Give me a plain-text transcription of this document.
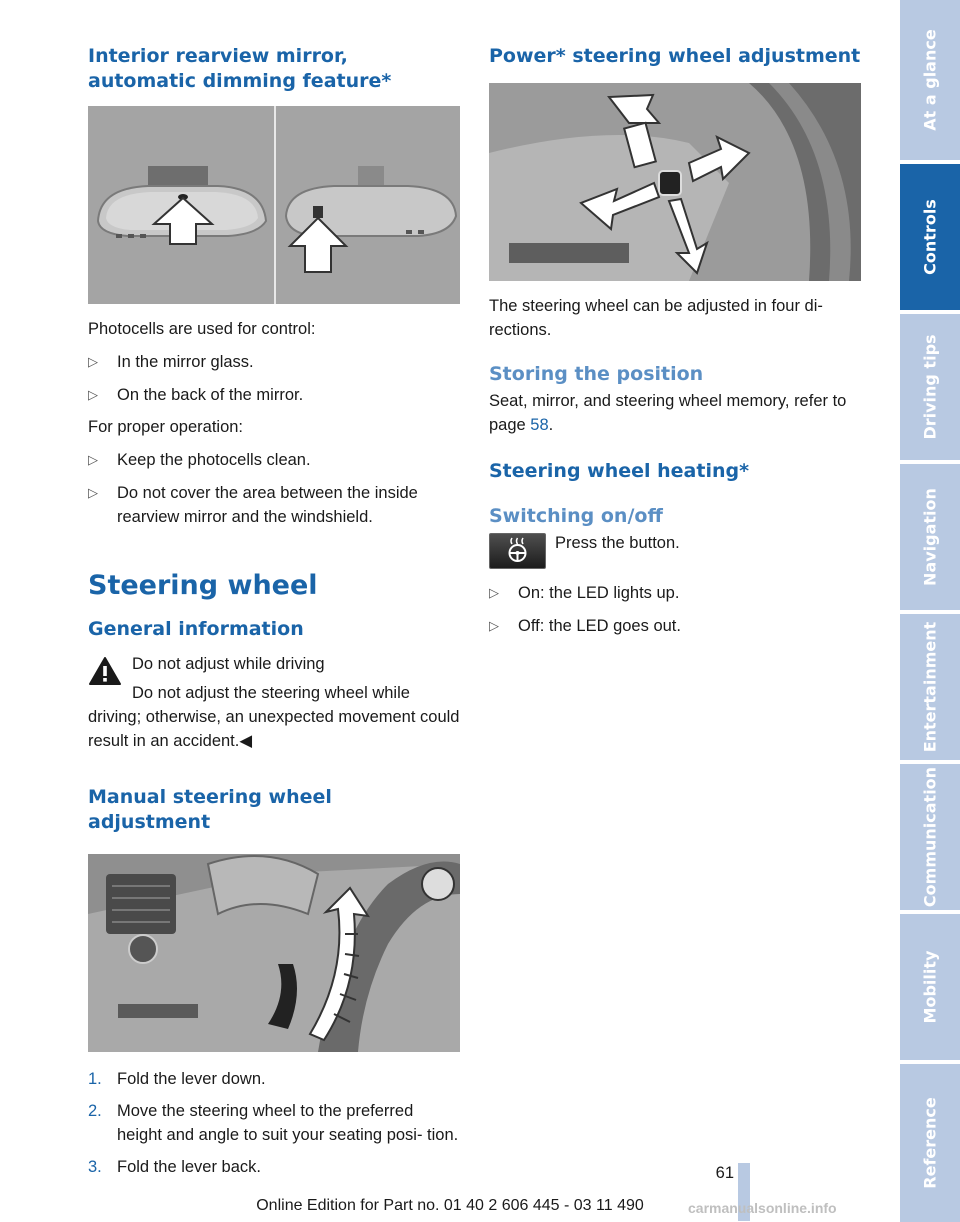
Interior rearview mirror, automatic dimming feature*

Photocells are used for control:

▷ In the mirror glass.
▷ On the back of the mirror.

For proper operation:

▷ Keep the photocells clean.
▷ Do not cover the area between the inside rearview mirror and the windshield.
Steering wheel
General information

Do not adjust while driving

Do not adjust the steering wheel while driving; otherwise, an unexpected movement could result in an accident.◀

Manual steering wheel adjustment
1. Fold the lever down.
2. Move the steering wheel to the preferred height and angle to suit your seating posi‐ tion.
3. Fold the lever back.
Power* steering wheel adjustment

The steering wheel can be adjusted in four di‐ rections.

Storing the position

Seat, mirror, and steering wheel memory, refer to page 58.

Steering wheel heating*
Switching on/off

Press the button.

▷ On: the LED lights up.
▷ Off: the LED goes out.
At a glance
Controls
Driving tips
Navigation
Entertainment
Communication
Mobility
Reference
61
Online Edition for Part no. 01 40 2 606 445 - 03 11 490	carmanualsonline.info
